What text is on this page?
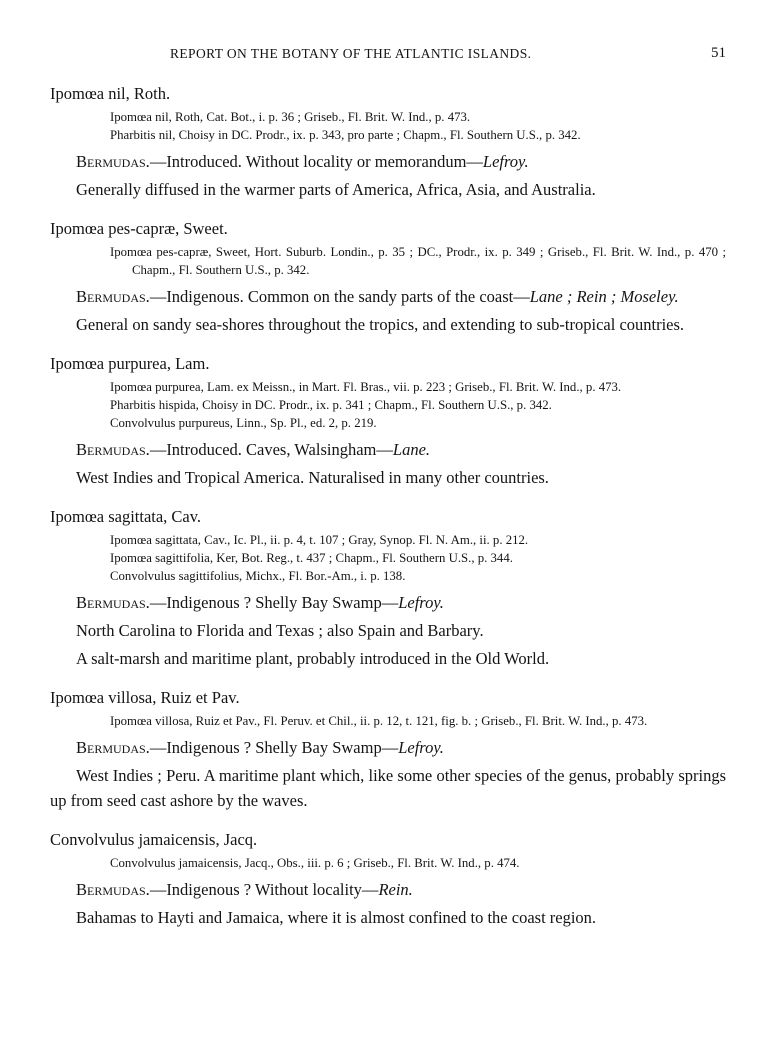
REPORT ON THE BOTANY OF THE ATLANTIC ISLANDS.	51
Ipomœa nil, Roth.
Ipomœa nil, Roth, Cat. Bot., i. p. 36 ; Griseb., Fl. Brit. W. Ind., p. 473.
Pharbitis nil, Choisy in DC. Prodr., ix. p. 343, pro parte ; Chapm., Fl. Southern U.S., p. 342.
Bermudas.—Introduced. Without locality or memorandum—Lefroy.
Generally diffused in the warmer parts of America, Africa, Asia, and Australia.
Ipomœa pes-capræ, Sweet.
Ipomœa pes-capræ, Sweet, Hort. Suburb. Londin., p. 35 ; DC., Prodr., ix. p. 349 ; Griseb., Fl. Brit. W. Ind., p. 470 ; Chapm., Fl. Southern U.S., p. 342.
Bermudas.—Indigenous. Common on the sandy parts of the coast—Lane ; Rein ; Moseley.
General on sandy sea-shores throughout the tropics, and extending to sub-tropical countries.
Ipomœa purpurea, Lam.
Ipomœa purpurea, Lam. ex Meissn., in Mart. Fl. Bras., vii. p. 223 ; Griseb., Fl. Brit. W. Ind., p. 473.
Pharbitis hispida, Choisy in DC. Prodr., ix. p. 341 ; Chapm., Fl. Southern U.S., p. 342.
Convolvulus purpureus, Linn., Sp. Pl., ed. 2, p. 219.
Bermudas.—Introduced. Caves, Walsingham—Lane.
West Indies and Tropical America. Naturalised in many other countries.
Ipomœa sagittata, Cav.
Ipomœa sagittata, Cav., Ic. Pl., ii. p. 4, t. 107 ; Gray, Synop. Fl. N. Am., ii. p. 212.
Ipomœa sagittifolia, Ker, Bot. Reg., t. 437 ; Chapm., Fl. Southern U.S., p. 344.
Convolvulus sagittifolius, Michx., Fl. Bor.-Am., i. p. 138.
Bermudas.—Indigenous ? Shelly Bay Swamp—Lefroy.
North Carolina to Florida and Texas ; also Spain and Barbary.
A salt-marsh and maritime plant, probably introduced in the Old World.
Ipomœa villosa, Ruiz et Pav.
Ipomœa villosa, Ruiz et Pav., Fl. Peruv. et Chil., ii. p. 12, t. 121, fig. b. ; Griseb., Fl. Brit. W. Ind., p. 473.
Bermudas.—Indigenous ? Shelly Bay Swamp—Lefroy.
West Indies ; Peru. A maritime plant which, like some other species of the genus, probably springs up from seed cast ashore by the waves.
Convolvulus jamaicensis, Jacq.
Convolvulus jamaicensis, Jacq., Obs., iii. p. 6 ; Griseb., Fl. Brit. W. Ind., p. 474.
Bermudas.—Indigenous ? Without locality—Rein.
Bahamas to Hayti and Jamaica, where it is almost confined to the coast region.
